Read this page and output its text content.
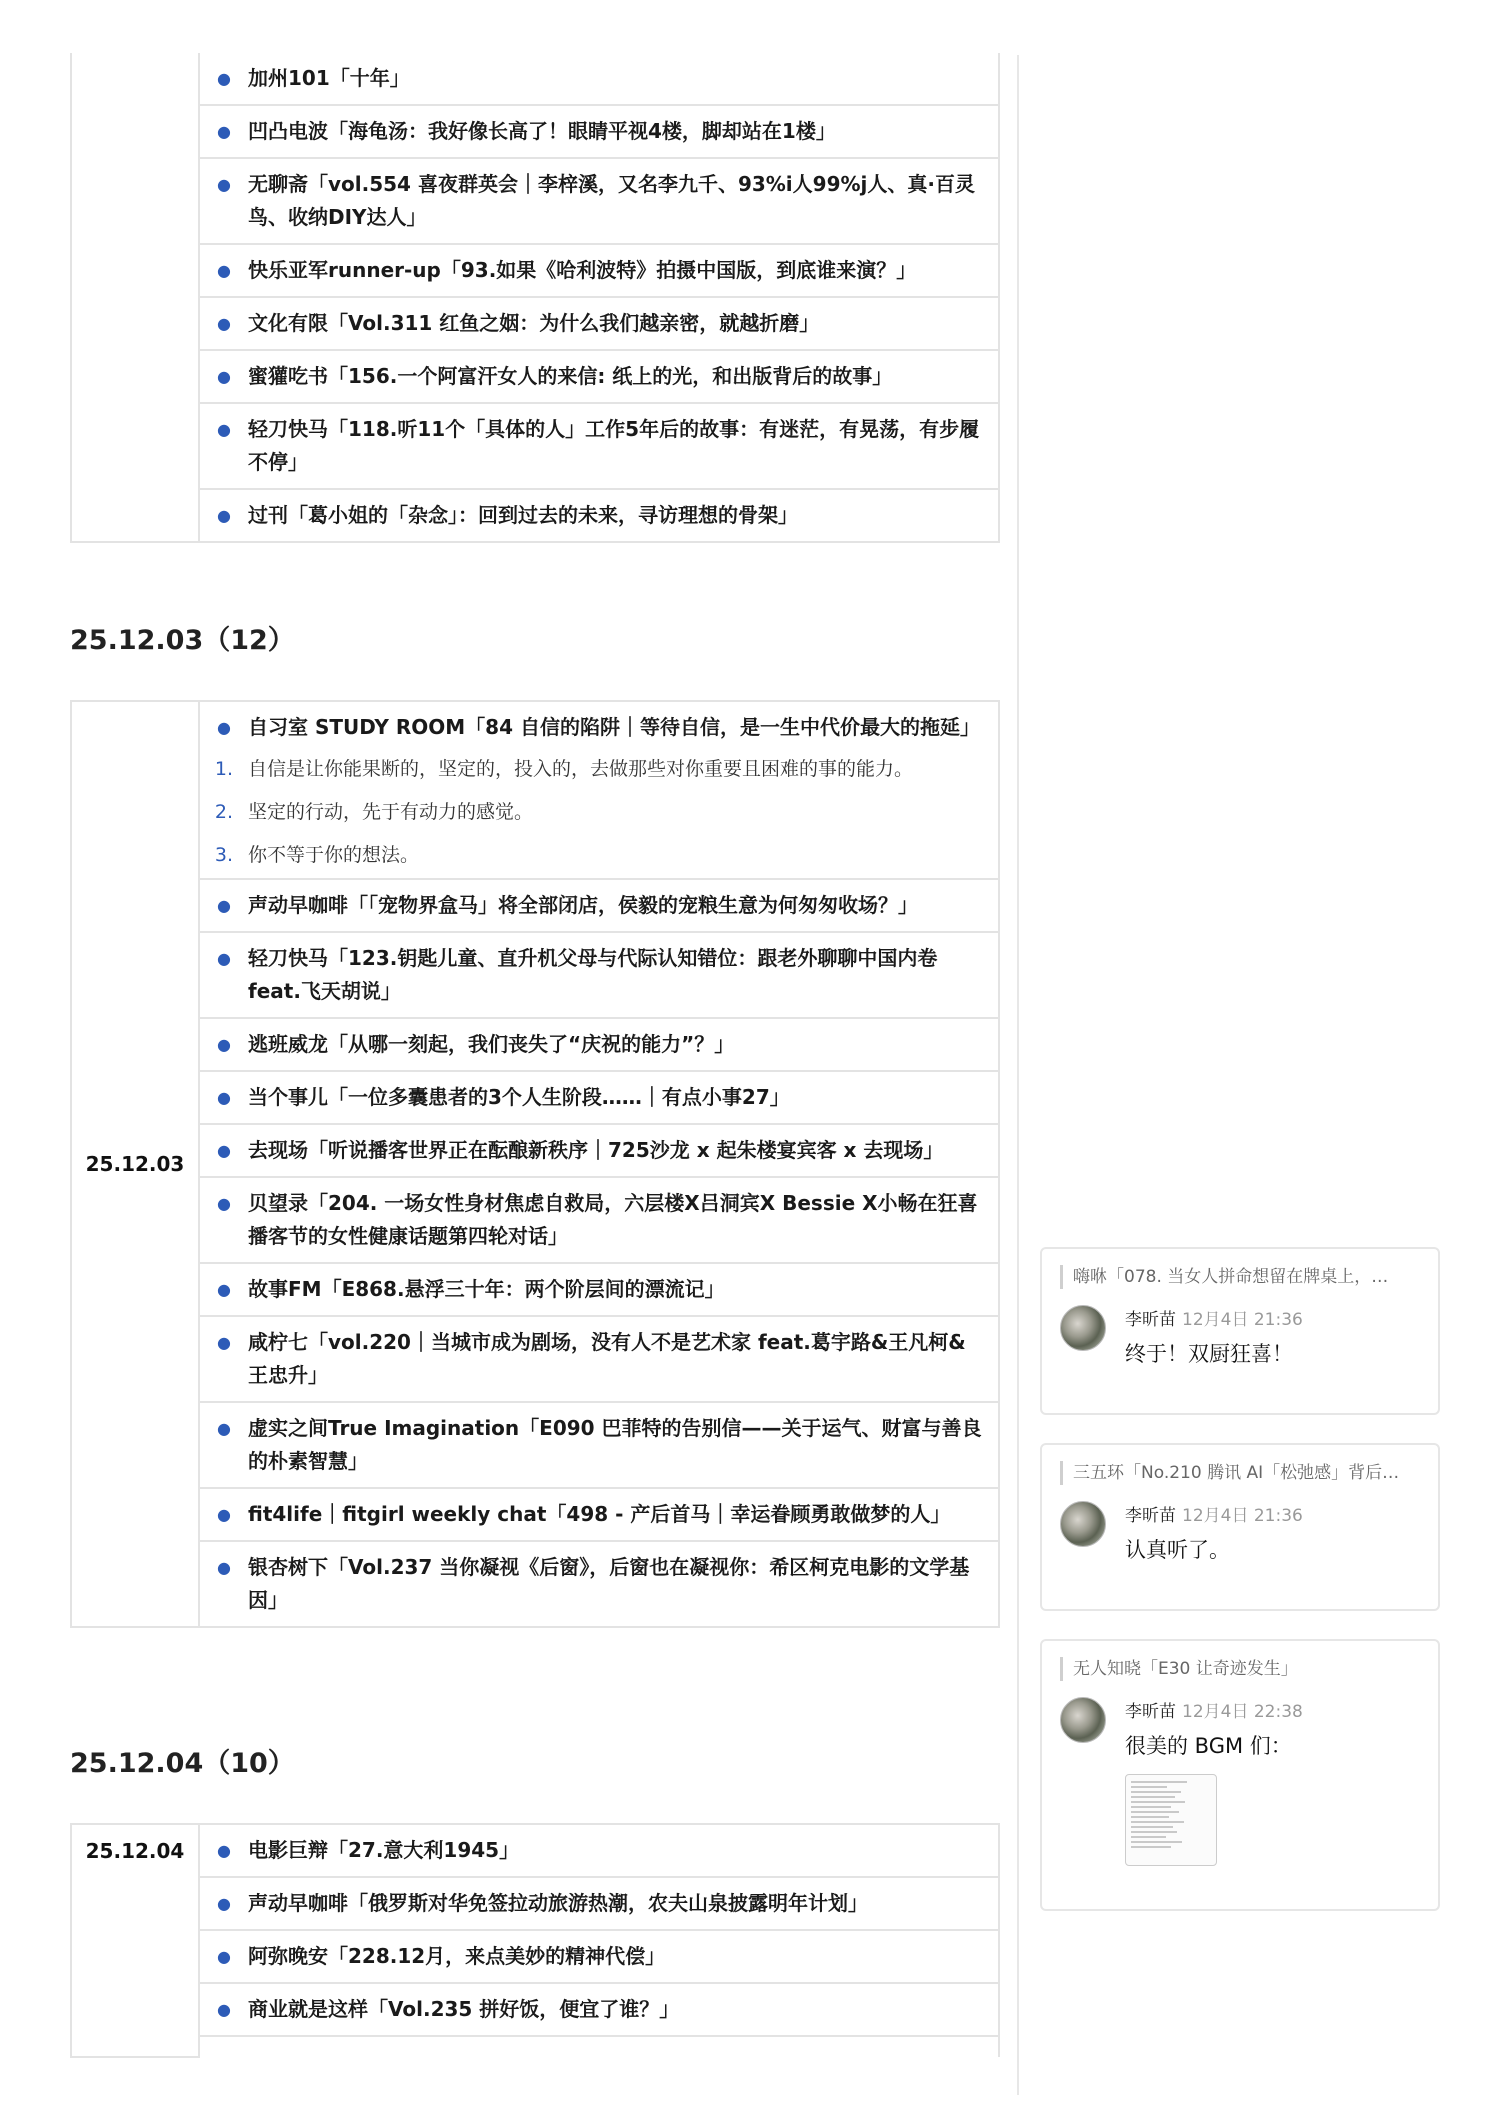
● 加州101「十年」

● 凹凸电波「海龟汤：我好像长高了！眼睛平视4楼，脚却站在1楼」

● 无聊斋「vol.554 喜夜群英会｜李梓溪，又名李九千、93%i人99%j人、真·百灵鸟、收纳DIY达人」

● 快乐亚军runner-up「93.如果《哈利波特》拍摄中国版，到底谁来演？」

● 文化有限「Vol.311 红鱼之姻：为什么我们越亲密，就越折磨」

● 蜜獾吃书「156.一个阿富汗女人的来信: 纸上的光，和出版背后的故事」

● 轻刀快马「118.听11个「具体的人」工作5年后的故事：有迷茫，有晃荡，有步履不停」

● 过刊「葛小姐的「杂念」：回到过去的未来，寻访理想的骨架」
25.12.03（12）
25.12.03	
● 自习室 STUDY ROOM「84 自信的陷阱｜等待自信，是一生中代价最大的拖延」
1. 自信是让你能果断的，坚定的，投入的，去做那些对你重要且困难的事的能力。
2. 坚定的行动，先于有动力的感觉。
3. 你不等于你的想法。

● 声动早咖啡「「宠物界盒马」将全部闭店，侯毅的宠粮生意为何匆匆收场？」

● 轻刀快马「123.钥匙儿童、直升机父母与代际认知错位：跟老外聊聊中国内卷 feat.飞天胡说」

● 逃班威龙「从哪一刻起，我们丧失了“庆祝的能力”？」

● 当个事儿「一位多囊患者的3个人生阶段……｜有点小事27」

● 去现场「听说播客世界正在酝酿新秩序｜725沙龙 x 起朱楼宴宾客 x 去现场」

● 贝望录「204. 一场女性身材焦虑自救局，六层楼X吕洞宾X Bessie X小畅在狂喜播客节的女性健康话题第四轮对话」

● 故事FM「E868.悬浮三十年：两个阶层间的漂流记」

● 咸柠七「vol.220｜当城市成为剧场，没有人不是艺术家 feat.葛宇路&王凡柯&王忠升」

● 虚实之间True Imagination「E090 巴菲特的告别信——关于运气、财富与善良的朴素智慧」

● fit4life｜fitgirl weekly chat「498 - 产后首马｜幸运眷顾勇敢做梦的人」

● 银杏树下「Vol.237 当你凝视《后窗》，后窗也在凝视你：希区柯克电影的文学基因」
25.12.04（10）
25.12.04	● 电影巨辩「27.意大利1945」

● 声动早咖啡「俄罗斯对华免签拉动旅游热潮，农夫山泉披露明年计划」

● 阿弥晚安「228.12月，来点美妙的精神代偿」

● 商业就是这样「Vol.235 拼好饭，便宜了谁？」

嗨咻「078. 当女人拼命想留在牌桌上，…
李昕苗 12月4日 21:36
终于！双厨狂喜！
三五环「No.210 腾讯 AI「松弛感」背后…
李昕苗 12月4日 21:36
认真听了。
无人知晓「E30 让奇迹发生」
李昕苗 12月4日 22:38
很美的 BGM 们：
